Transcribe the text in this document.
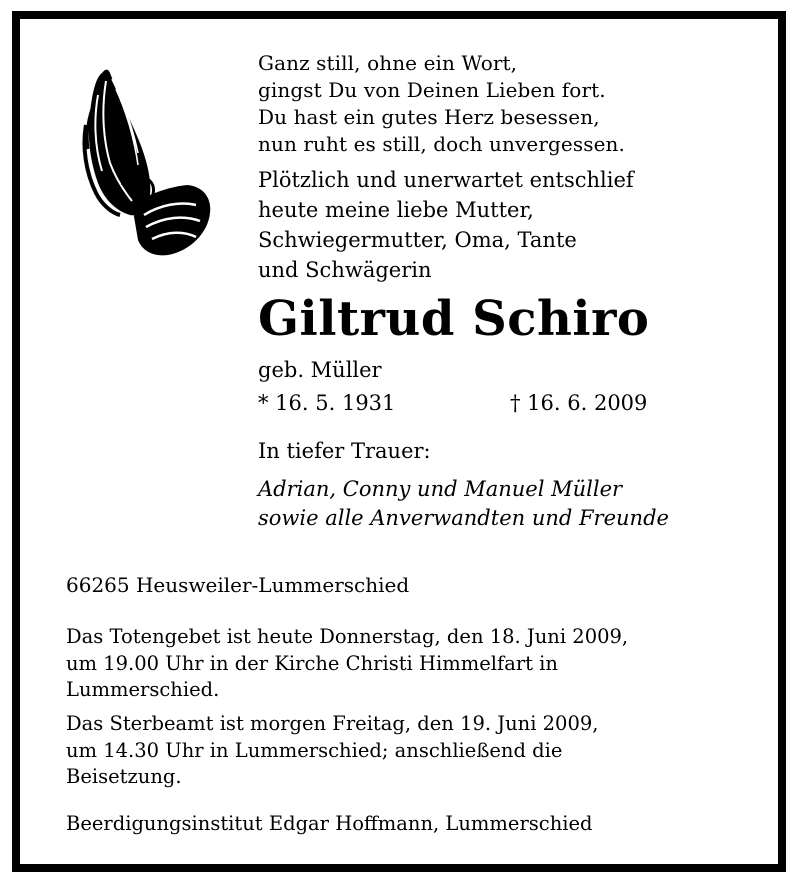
Ganz still, ohne ein Wort,
gingst Du von Deinen Lieben fort.
Du hast ein gutes Herz besessen,
nun ruht es still, doch unvergessen.
Plötzlich und unerwartet entschlief
heute meine liebe Mutter,
Schwiegermutter, Oma, Tante
und Schwägerin
Giltrud Schiro
geb. Müller
* 16. 5. 1931	† 16. 6. 2009
In tiefer Trauer:
Adrian, Conny und Manuel Müller
sowie alle Anverwandten und Freunde
66265 Heusweiler-Lummerschied
Das Totengebet ist heute Donnerstag, den 18. Juni 2009,
um 19.00 Uhr in der Kirche Christi Himmelfart in
Lummerschied.
Das Sterbeamt ist morgen Freitag, den 19. Juni 2009,
um 14.30 Uhr in Lummerschied; anschließend die
Beisetzung.
Beerdigungsinstitut Edgar Hoffmann, Lummerschied
